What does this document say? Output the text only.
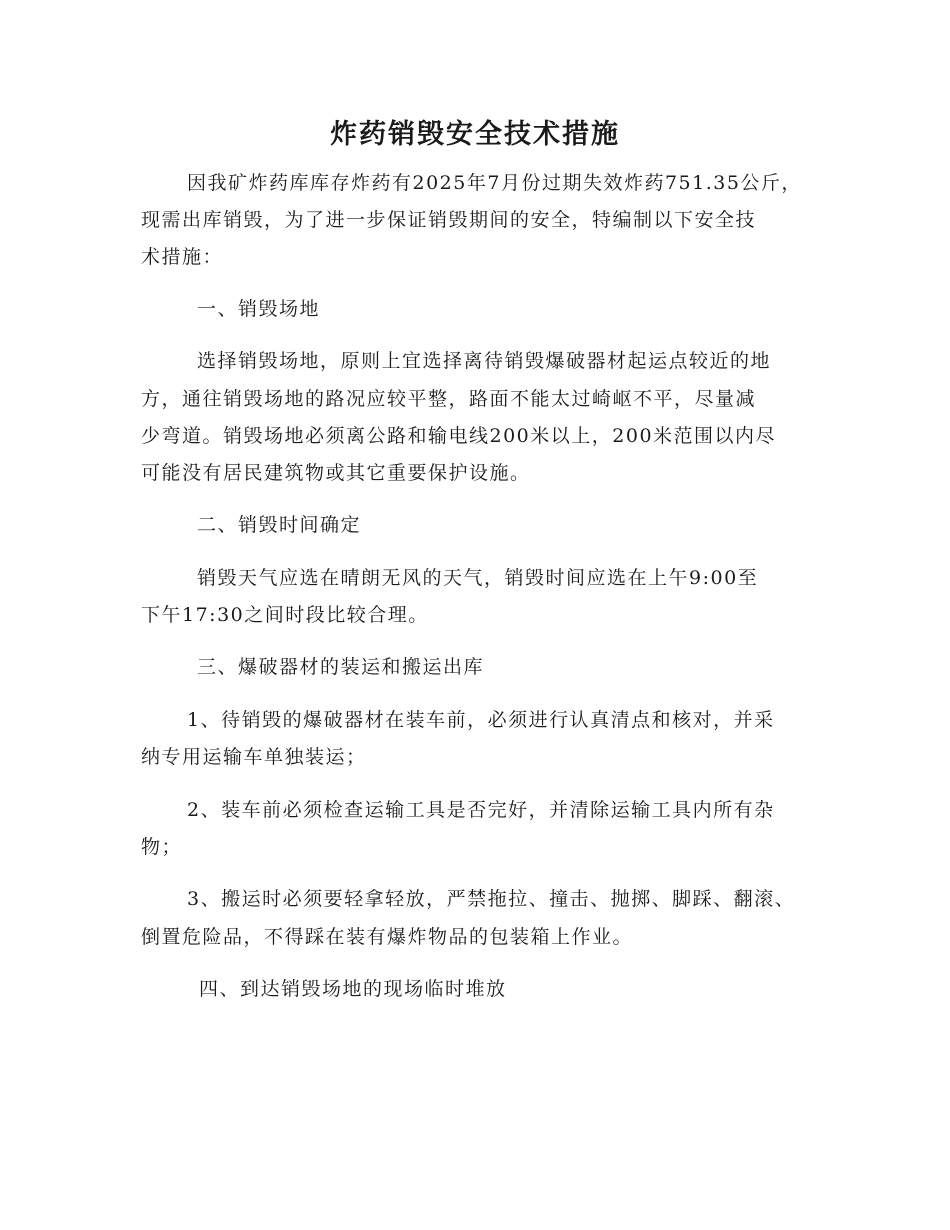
炸药销毁安全技术措施

因我矿炸药库库存炸药有2025年7月份过期失效炸药751.35公斤，

现需出库销毁，为了进一步保证销毁期间的安全，特编制以下安全技

术措施：

一、销毁场地

选择销毁场地，原则上宜选择离待销毁爆破器材起运点较近的地

方，通往销毁场地的路况应较平整，路面不能太过崎岖不平，尽量减

少弯道。销毁场地必须离公路和输电线200米以上，200米范围以内尽

可能没有居民建筑物或其它重要保护设施。

二、销毁时间确定

销毁天气应选在晴朗无风的天气，销毁时间应选在上午9:00至

下午17:30之间时段比较合理。

三、爆破器材的装运和搬运出库

1、待销毁的爆破器材在装车前，必须进行认真清点和核对，并采

纳专用运输车单独装运；

2、装车前必须检查运输工具是否完好，并清除运输工具内所有杂

物；

3、搬运时必须要轻拿轻放，严禁拖拉、撞击、抛掷、脚踩、翻滚、

倒置危险品，不得踩在装有爆炸物品的包装箱上作业。

四、到达销毁场地的现场临时堆放
